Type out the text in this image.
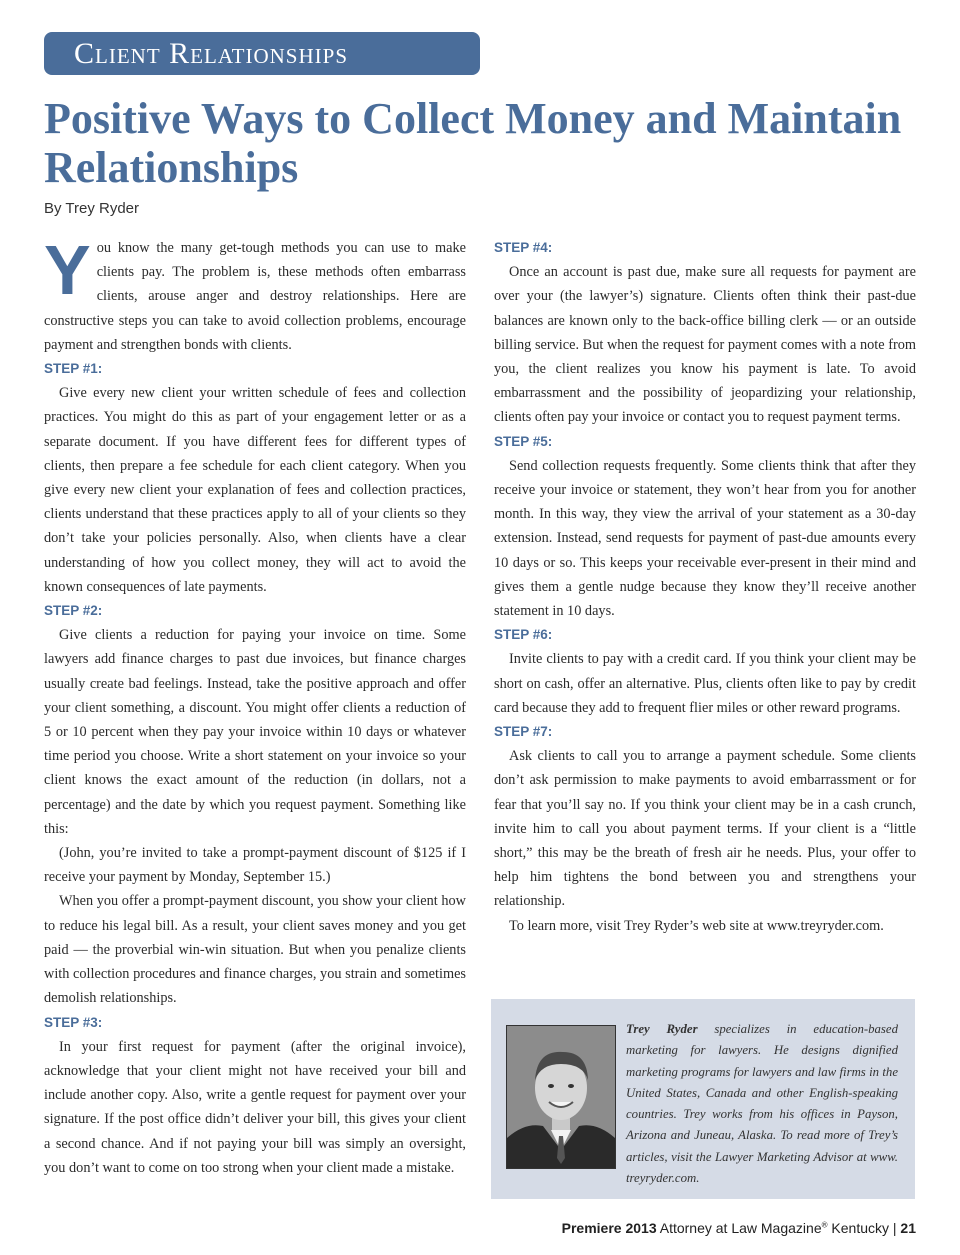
Client Relationships
Positive Ways to Collect Money and Maintain Relationships
By Trey Ryder

You know the many get-tough methods you can use to make clients pay. The problem is, these methods often embarrass clients, arouse anger and destroy relationships. Here are constructive steps you can take to avoid collection problems, encourage payment and strengthen bonds with clients.

STEP #1:

Give every new client your written schedule of fees and collection practices. You might do this as part of your engagement letter or as a separate document. If you have different fees for different types of clients, then prepare a fee schedule for each client category. When you give every new client your explanation of fees and collection practices, clients understand that these practices apply to all of your clients so they don’t take your policies personally. Also, when clients have a clear understanding of how you collect money, they will act to avoid the known consequences of late payments.

STEP #2:

Give clients a reduction for paying your invoice on time. Some lawyers add finance charges to past due invoices, but finance charges usually create bad feelings. Instead, take the positive approach and offer your client something, a discount. You might offer clients a reduction of 5 or 10 percent when they pay your invoice within 10 days or whatever time period you choose. Write a short statement on your invoice so your client knows the exact amount of the reduction (in dollars, not a percentage) and the date by which you request payment. Something like this:

(John, you’re invited to take a prompt-payment discount of $125 if I receive your payment by Monday, September 15.)

When you offer a prompt-payment discount, you show your client how to reduce his legal bill. As a result, your client saves money and you get paid — the proverbial win-win situation. But when you penalize clients with collection procedures and finance charges, you strain and sometimes demolish relationships.

STEP #3:

In your first request for payment (after the original invoice), acknowledge that your client might not have received your bill and include another copy. Also, write a gentle request for payment over your signature. If the post office didn’t deliver your bill, this gives your client a second chance. And if not paying your bill was simply an oversight, you don’t want to come on too strong when your client made a mistake.

STEP #4:

Once an account is past due, make sure all requests for payment are over your (the lawyer’s) signature. Clients often think their past-due balances are known only to the back-office billing clerk — or an outside billing service. But when the request for payment comes with a note from you, the client realizes you know his payment is late. To avoid embarrassment and the possibility of jeopardizing your relationship, clients often pay your invoice or contact you to request payment terms.

STEP #5:

Send collection requests frequently. Some clients think that after they receive your invoice or statement, they won’t hear from you for another month. In this way, they view the arrival of your statement as a 30-day extension. Instead, send requests for payment of past-due amounts every 10 days or so. This keeps your receivable ever-present in their mind and gives them a gentle nudge because they know they’ll receive another statement in 10 days.

STEP #6:

Invite clients to pay with a credit card. If you think your client may be short on cash, offer an alternative. Plus, clients often like to pay by credit card because they add to frequent flier miles or other reward programs.

STEP #7:

Ask clients to call you to arrange a payment schedule. Some clients don’t ask permission to make payments to avoid embarrassment or for fear that you’ll say no. If you think your client may be in a cash crunch, invite him to call you about payment terms. If your client is a “little short,” this may be the breath of fresh air he needs. Plus, your offer to help him tightens the bond between you and strengthens your relationship.

To learn more, visit Trey Ryder’s web site at www.treyryder.com.

Trey Ryder specializes in education-based marketing for lawyers. He designs dignified marketing programs for lawyers and law firms in the United States, Canada and other English-speaking countries. Trey works from his offices in Payson, Arizona and Juneau, Alaska. To read more of Trey’s articles, visit the Lawyer Marketing Advisor at www. treyryder.com.
Premiere 2013 Attorney at Law Magazine® Kentucky | 21
